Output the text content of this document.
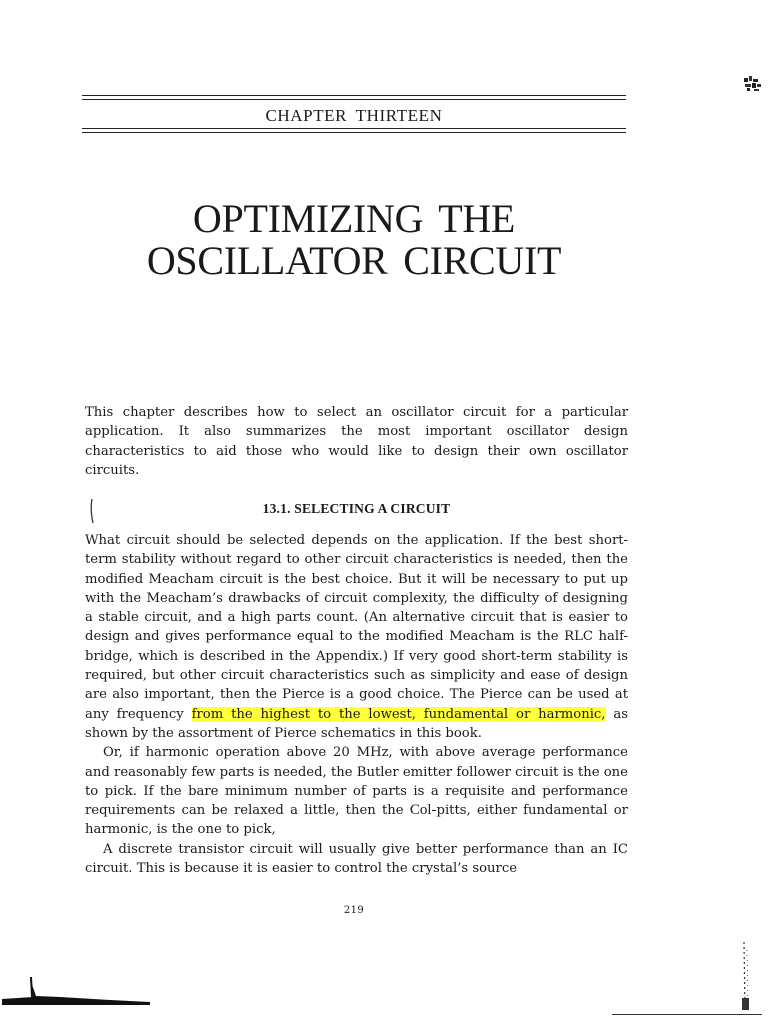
CHAPTER THIRTEEN
OPTIMIZING THE
OSCILLATOR CIRCUIT

This chapter describes how to select an oscillator circuit for a particular application. It also summarizes the most important oscillator design characteristics to aid those who would like to design their own oscillator circuits.

13.1. SELECTING A CIRCUIT

What circuit should be selected depends on the application. If the best short-term stability without regard to other circuit characteristics is needed, then the modified Meacham circuit is the best choice. But it will be necessary to put up with the Meacham’s drawbacks of circuit complexity, the difficulty of designing a stable circuit, and a high parts count. (An alternative circuit that is easier to design and gives performance equal to the modified Meacham is the RLC half-bridge, which is described in the Appendix.) If very good short-term stability is required, but other circuit characteristics such as simplicity and ease of design are also important, then the Pierce is a good choice. The Pierce can be used at any frequency from the highest to the lowest, fundamental or harmonic, as shown by the assortment of Pierce schematics in this book.

Or, if harmonic operation above 20 MHz, with above average performance and reasonably few parts is needed, the Butler emitter follower circuit is the one to pick. If the bare minimum number of parts is a requisite and performance requirements can be relaxed a little, then the Col-pitts, either fundamental or harmonic, is the one to pick,

A discrete transistor circuit will usually give better performance than an IC circuit. This is because it is easier to control the crystal’s source

219
